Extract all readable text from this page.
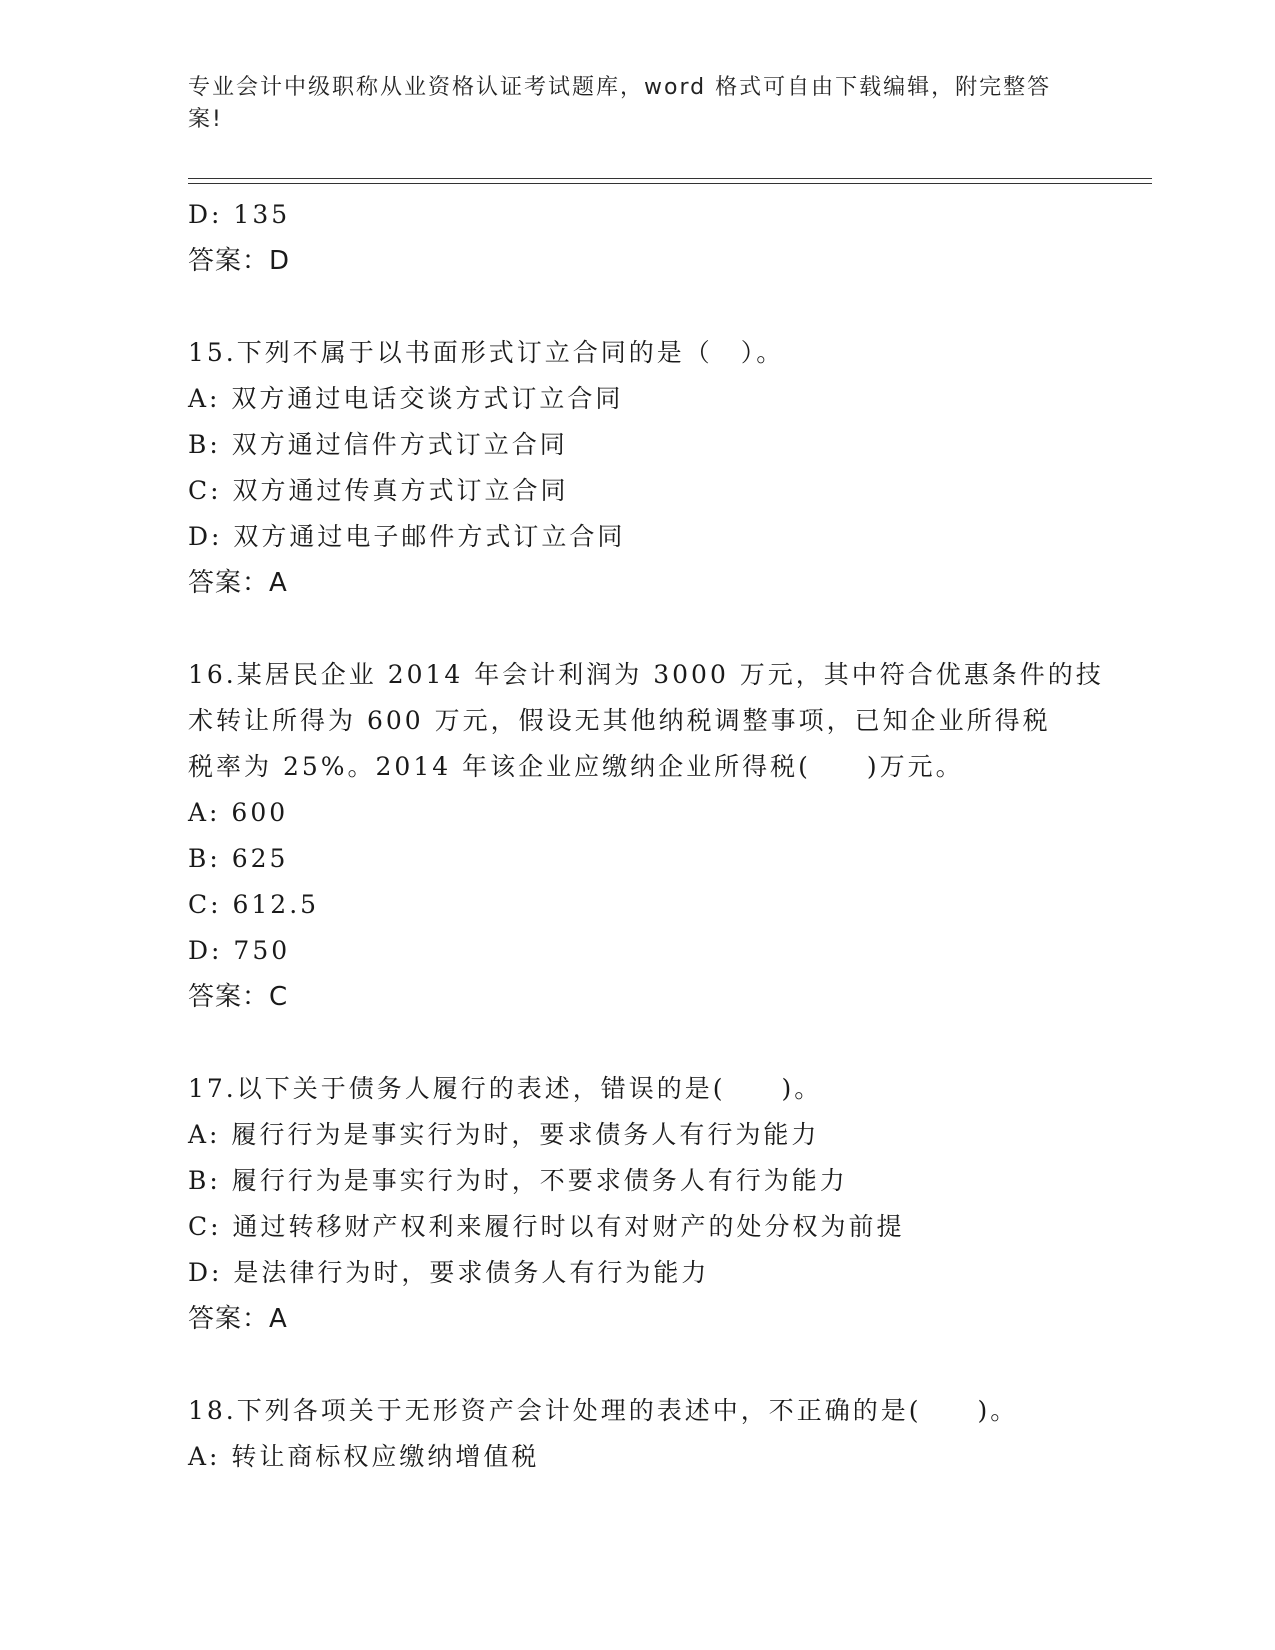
专业会计中级职称从业资格认证考试题库，word 格式可自由下载编辑，附完整答
案!
D: 135
答案：D
15.下列不属于以书面形式订立合同的是（　）。
A: 双方通过电话交谈方式订立合同
B: 双方通过信件方式订立合同
C: 双方通过传真方式订立合同
D: 双方通过电子邮件方式订立合同
答案：A
16.某居民企业 2014 年会计利润为 3000 万元，其中符合优惠条件的技
术转让所得为 600 万元，假设无其他纳税调整事项，已知企业所得税
税率为 25%。2014 年该企业应缴纳企业所得税(　　)万元。
A: 600
B: 625
C: 612.5
D: 750
答案：C
17.以下关于债务人履行的表述，错误的是(　　)。
A: 履行行为是事实行为时，要求债务人有行为能力
B: 履行行为是事实行为时，不要求债务人有行为能力
C: 通过转移财产权利来履行时以有对财产的处分权为前提
D: 是法律行为时，要求债务人有行为能力
答案：A
18.下列各项关于无形资产会计处理的表述中，不正确的是(　　)。
A: 转让商标权应缴纳增值税
